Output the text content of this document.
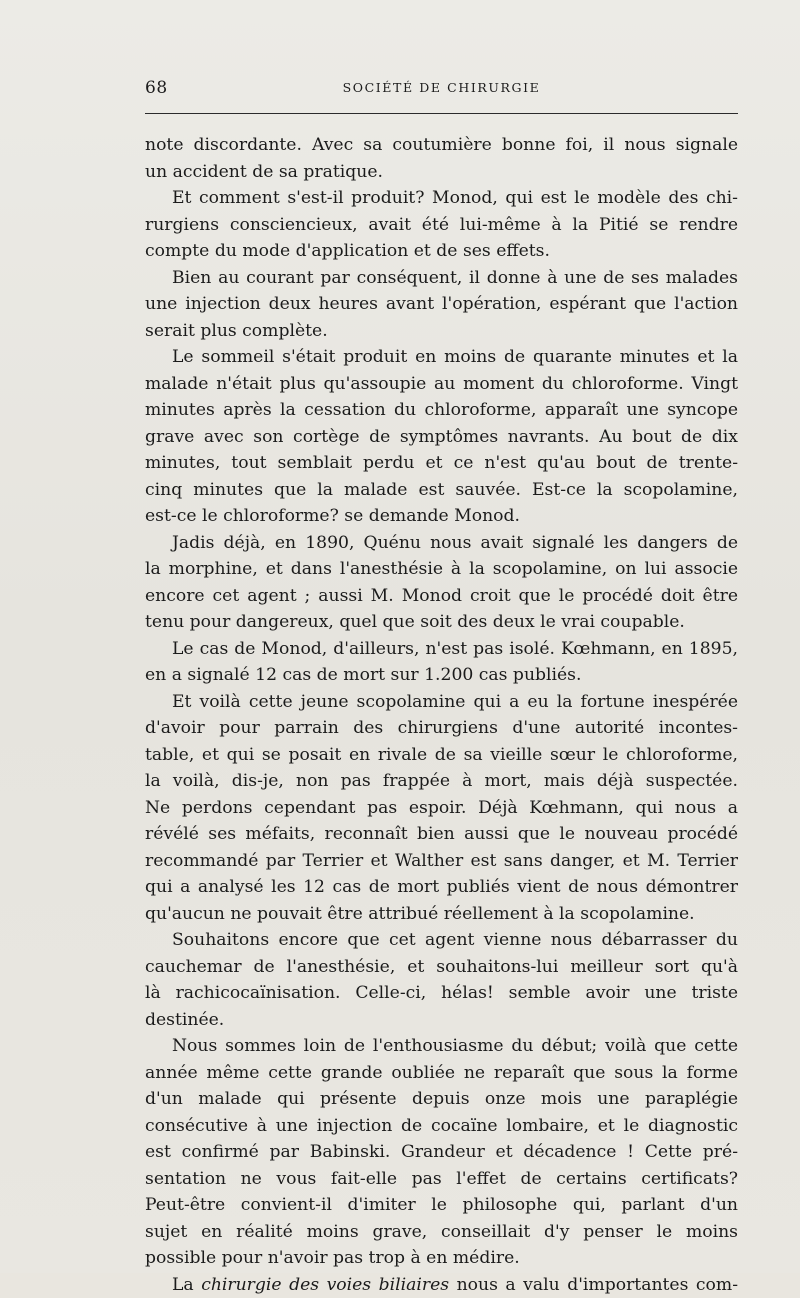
68	SOCIÉTÉ DE CHIRURGIE
note discordante. Avec sa coutumière bonne foi, il nous signale
un accident de sa pratique.
Et comment s'est-il produit? Monod, qui est le modèle des chi-
rurgiens consciencieux, avait été lui-même à la Pitié se rendre
compte du mode d'application et de ses effets.
Bien au courant par conséquent, il donne à une de ses malades
une injection deux heures avant l'opération, espérant que l'action
serait plus complète.
Le sommeil s'était produit en moins de quarante minutes et la
malade n'était plus qu'assoupie au moment du chloroforme. Vingt
minutes après la cessation du chloroforme, apparaît une syncope
grave avec son cortège de symptômes navrants. Au bout de dix
minutes, tout semblait perdu et ce n'est qu'au bout de trente-
cinq minutes que la malade est sauvée. Est-ce la scopolamine,
est-ce le chloroforme? se demande Monod.
Jadis déjà, en 1890, Quénu nous avait signalé les dangers de
la morphine, et dans l'anesthésie à la scopolamine, on lui associe
encore cet agent ; aussi M. Monod croit que le procédé doit être
tenu pour dangereux, quel que soit des deux le vrai coupable.
Le cas de Monod, d'ailleurs, n'est pas isolé. Kœhmann, en 1895,
en a signalé 12 cas de mort sur 1.200 cas publiés.
Et voilà cette jeune scopolamine qui a eu la fortune inespérée
d'avoir pour parrain des chirurgiens d'une autorité incontes-
table, et qui se posait en rivale de sa vieille sœur le chloroforme,
la voilà, dis-je, non pas frappée à mort, mais déjà suspectée.
Ne perdons cependant pas espoir. Déjà Kœhmann, qui nous a
révélé ses méfaits, reconnaît bien aussi que le nouveau procédé
recommandé par Terrier et Walther est sans danger, et M. Terrier
qui a analysé les 12 cas de mort publiés vient de nous démontrer
qu'aucun ne pouvait être attribué réellement à la scopolamine.
Souhaitons encore que cet agent vienne nous débarrasser du
cauchemar de l'anesthésie, et souhaitons-lui meilleur sort qu'à
là rachicocaïnisation. Celle-ci, hélas! semble avoir une triste
destinée.
Nous sommes loin de l'enthousiasme du début; voilà que cette
année même cette grande oubliée ne reparaît que sous la forme
d'un malade qui présente depuis onze mois une paraplégie
consécutive à une injection de cocaïne lombaire, et le diagnostic
est confirmé par Babinski. Grandeur et décadence ! Cette pré-
sentation ne vous fait-elle pas l'effet de certains certificats?
Peut-être convient-il d'imiter le philosophe qui, parlant d'un
sujet en réalité moins grave, conseillait d'y penser le moins
possible pour n'avoir pas trop à en médire.
La chirurgie des voies biliaires nous a valu d'importantes com-
